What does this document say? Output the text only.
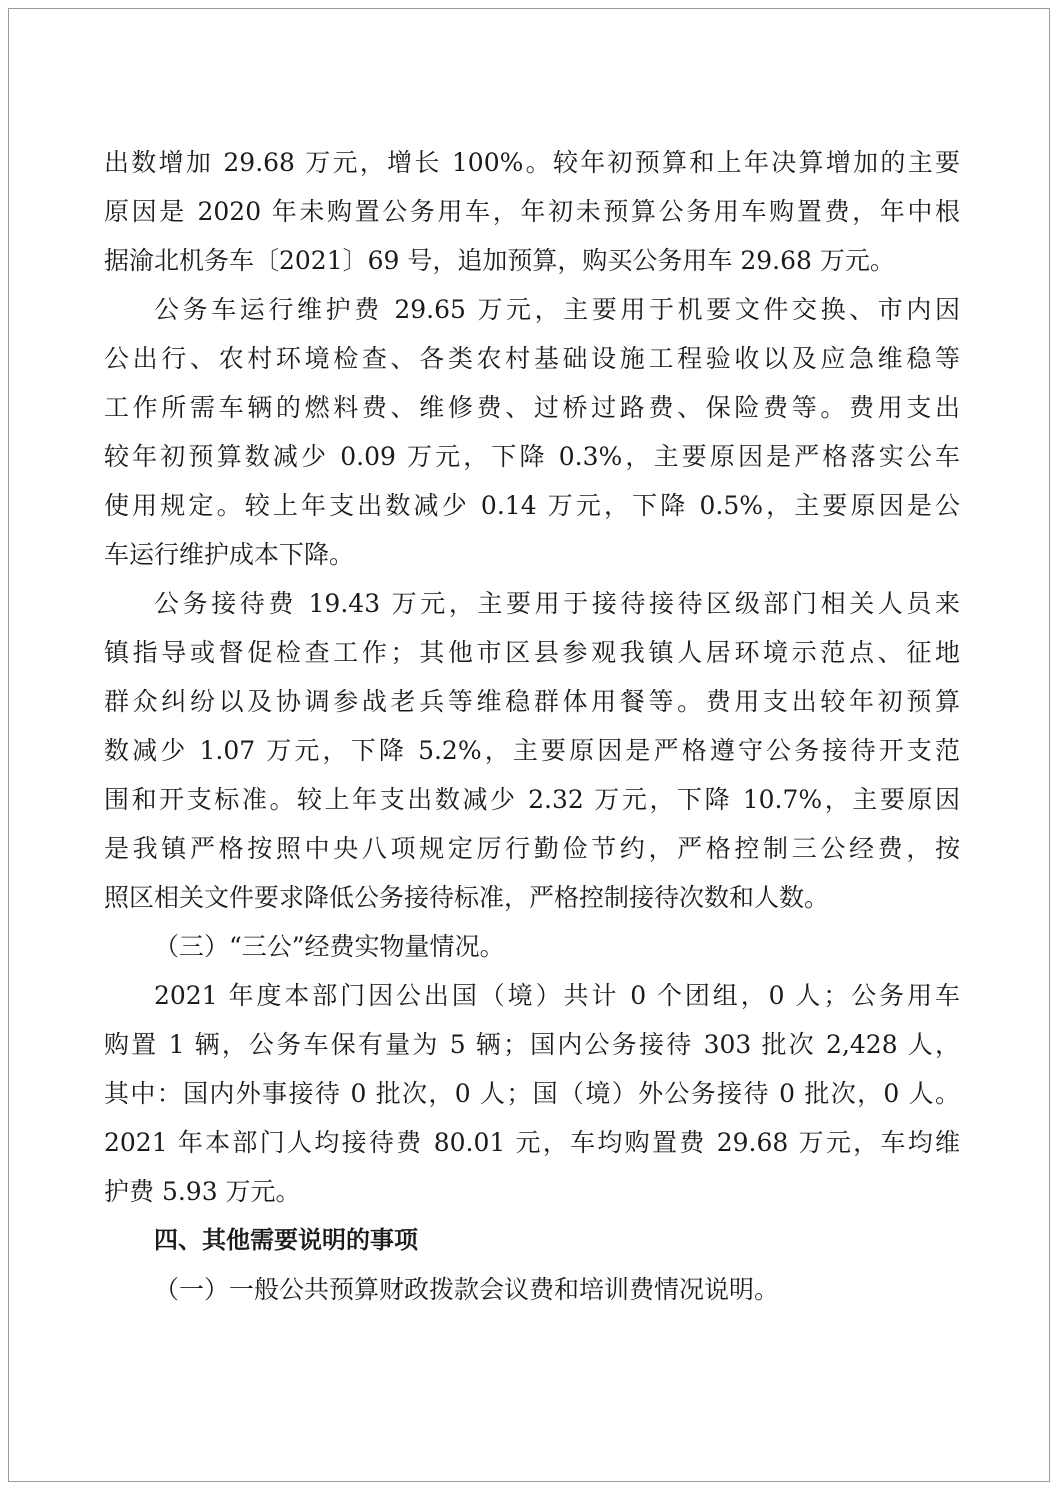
出数增加 29.68 万元，增长 100%。较年初预算和上年决算增加的主要
原因是 2020 年未购置公务用车，年初未预算公务用车购置费，年中根
据渝北机务车〔2021〕69 号，追加预算，购买公务用车 29.68 万元。
公务车运行维护费 29.65 万元，主要用于机要文件交换、市内因
公出行、农村环境检查、各类农村基础设施工程验收以及应急维稳等
工作所需车辆的燃料费、维修费、过桥过路费、保险费等。费用支出
较年初预算数减少 0.09 万元，下降 0.3%，主要原因是严格落实公车
使用规定。较上年支出数减少 0.14 万元，下降 0.5%，主要原因是公
车运行维护成本下降。
公务接待费 19.43 万元，主要用于接待接待区级部门相关人员来
镇指导或督促检查工作；其他市区县参观我镇人居环境示范点、征地
群众纠纷以及协调参战老兵等维稳群体用餐等。费用支出较年初预算
数减少 1.07 万元，下降 5.2%，主要原因是严格遵守公务接待开支范
围和开支标准。较上年支出数减少 2.32 万元，下降 10.7%，主要原因
是我镇严格按照中央八项规定厉行勤俭节约，严格控制三公经费，按
照区相关文件要求降低公务接待标准，严格控制接待次数和人数。
（三）“三公”经费实物量情况。
2021 年度本部门因公出国（境）共计 0 个团组，0 人；公务用车
购置 1 辆，公务车保有量为 5 辆；国内公务接待 303 批次 2,428 人，
其中：国内外事接待 0 批次，0 人；国（境）外公务接待 0 批次，0 人。
2021 年本部门人均接待费 80.01 元，车均购置费 29.68 万元，车均维
护费 5.93 万元。
四、其他需要说明的事项
（一）一般公共预算财政拨款会议费和培训费情况说明。
